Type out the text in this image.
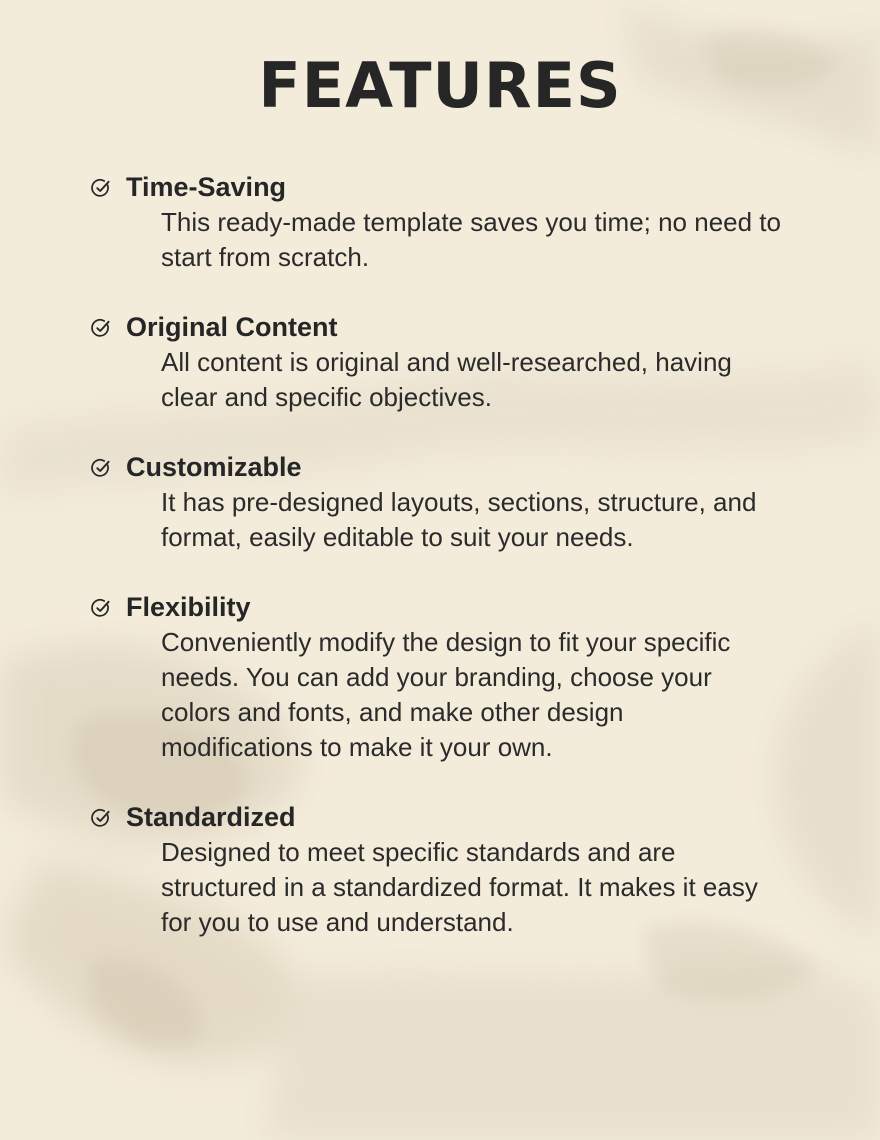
FEATURES
Time-Saving

This ready-made template saves you time; no need to start from scratch.

Original Content

All content is original and well-researched, having clear and specific objectives.

Customizable

It has pre-designed layouts, sections, structure, and format, easily editable to suit your needs.

Flexibility

Conveniently modify the design to fit your specific needs. You can add your branding, choose your colors and fonts, and make other design modifications to make it your own.

Standardized

Designed to meet specific standards and are structured in a standardized format. It makes it easy for you to use and understand.
